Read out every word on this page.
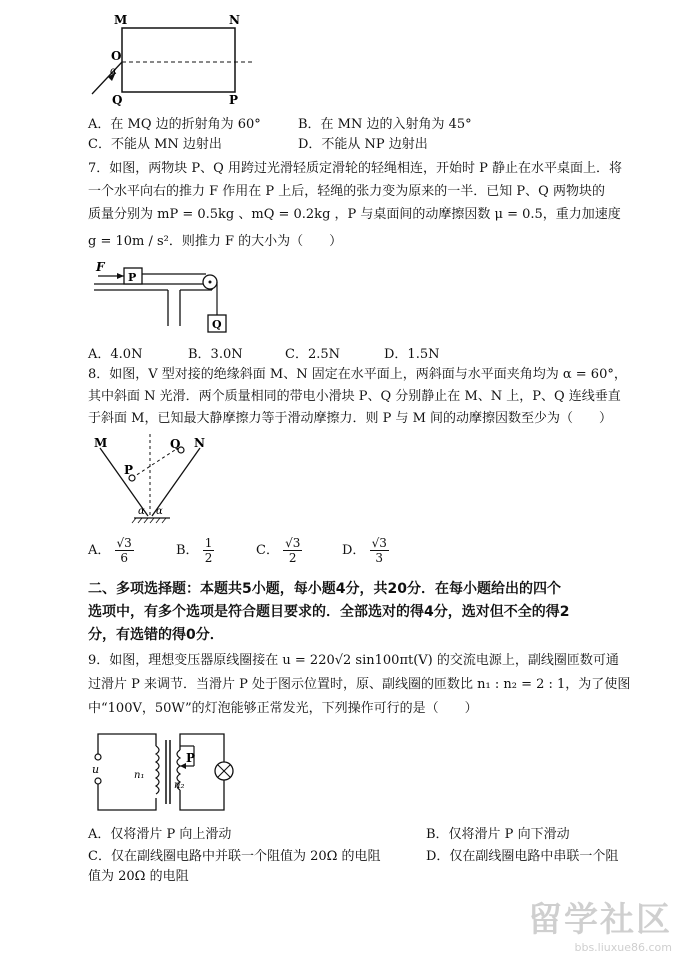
M	N
O
Q	P
α
A．在 MQ 边的折射角为 60°	B．在 MN 边的入射角为 45°
C．不能从 MN 边射出	D．不能从 NP 边射出
7．如图，两物块 P、Q 用跨过光滑轻质定滑轮的轻绳相连，开始时 P 静止在水平桌面上．将
一个水平向右的推力 F 作用在 P 上后，轻绳的张力变为原来的一半．已知 P、Q 两物块的
质量分别为 mP = 0.5kg 、mQ = 0.2kg ，P 与桌面间的动摩擦因数 μ = 0.5，重力加速度
g = 10m / s²．则推力 F 的大小为（　　）
F
P
Q
A．4.0N	B．3.0N	C．2.5N	D．1.5N
8．如图，V 型对接的绝缘斜面 M、N 固定在水平面上，两斜面与水平面夹角均为 α = 60°，
其中斜面 N 光滑．两个质量相同的带电小滑块 P、Q 分别静止在 M、N 上，P、Q 连线垂直
于斜面 M，已知最大静摩擦力等于滑动摩擦力．则 P 与 M 间的动摩擦因数至少为（　　）
M	N
P
Q
α α
A． $\frac{√3}{6}$	B． $\frac{1}{2}$	C． $\frac{√3}{2}$	D． $\frac{√3}{3}$
二、多项选择题：本题共5小题，每小题4分，共20分．在每小题给出的四个
选项中，有多个选项是符合题目要求的．全部选对的得4分，选对但不全的得2
分，有选错的得0分．
9．如图，理想变压器原线圈接在 u = 220√2 sin100πt(V) 的交流电源上，副线圈匝数可通
过滑片 P 来调节．当滑片 P 处于图示位置时，原、副线圈的匝数比 n₁ : n₂ = 2 : 1，为了使图
中“100V，50W”的灯泡能够正常发光，下列操作可行的是（　　）
u	n₁
n₂
P
A．仅将滑片 P 向上滑动	B．仅将滑片 P 向下滑动
C．仅在副线圈电路中并联一个阻值为 20Ω 的电阻	D．仅在副线圈电路中串联一个阻
值为 20Ω 的电阻
留学社区
bbs.liuxue86.com
